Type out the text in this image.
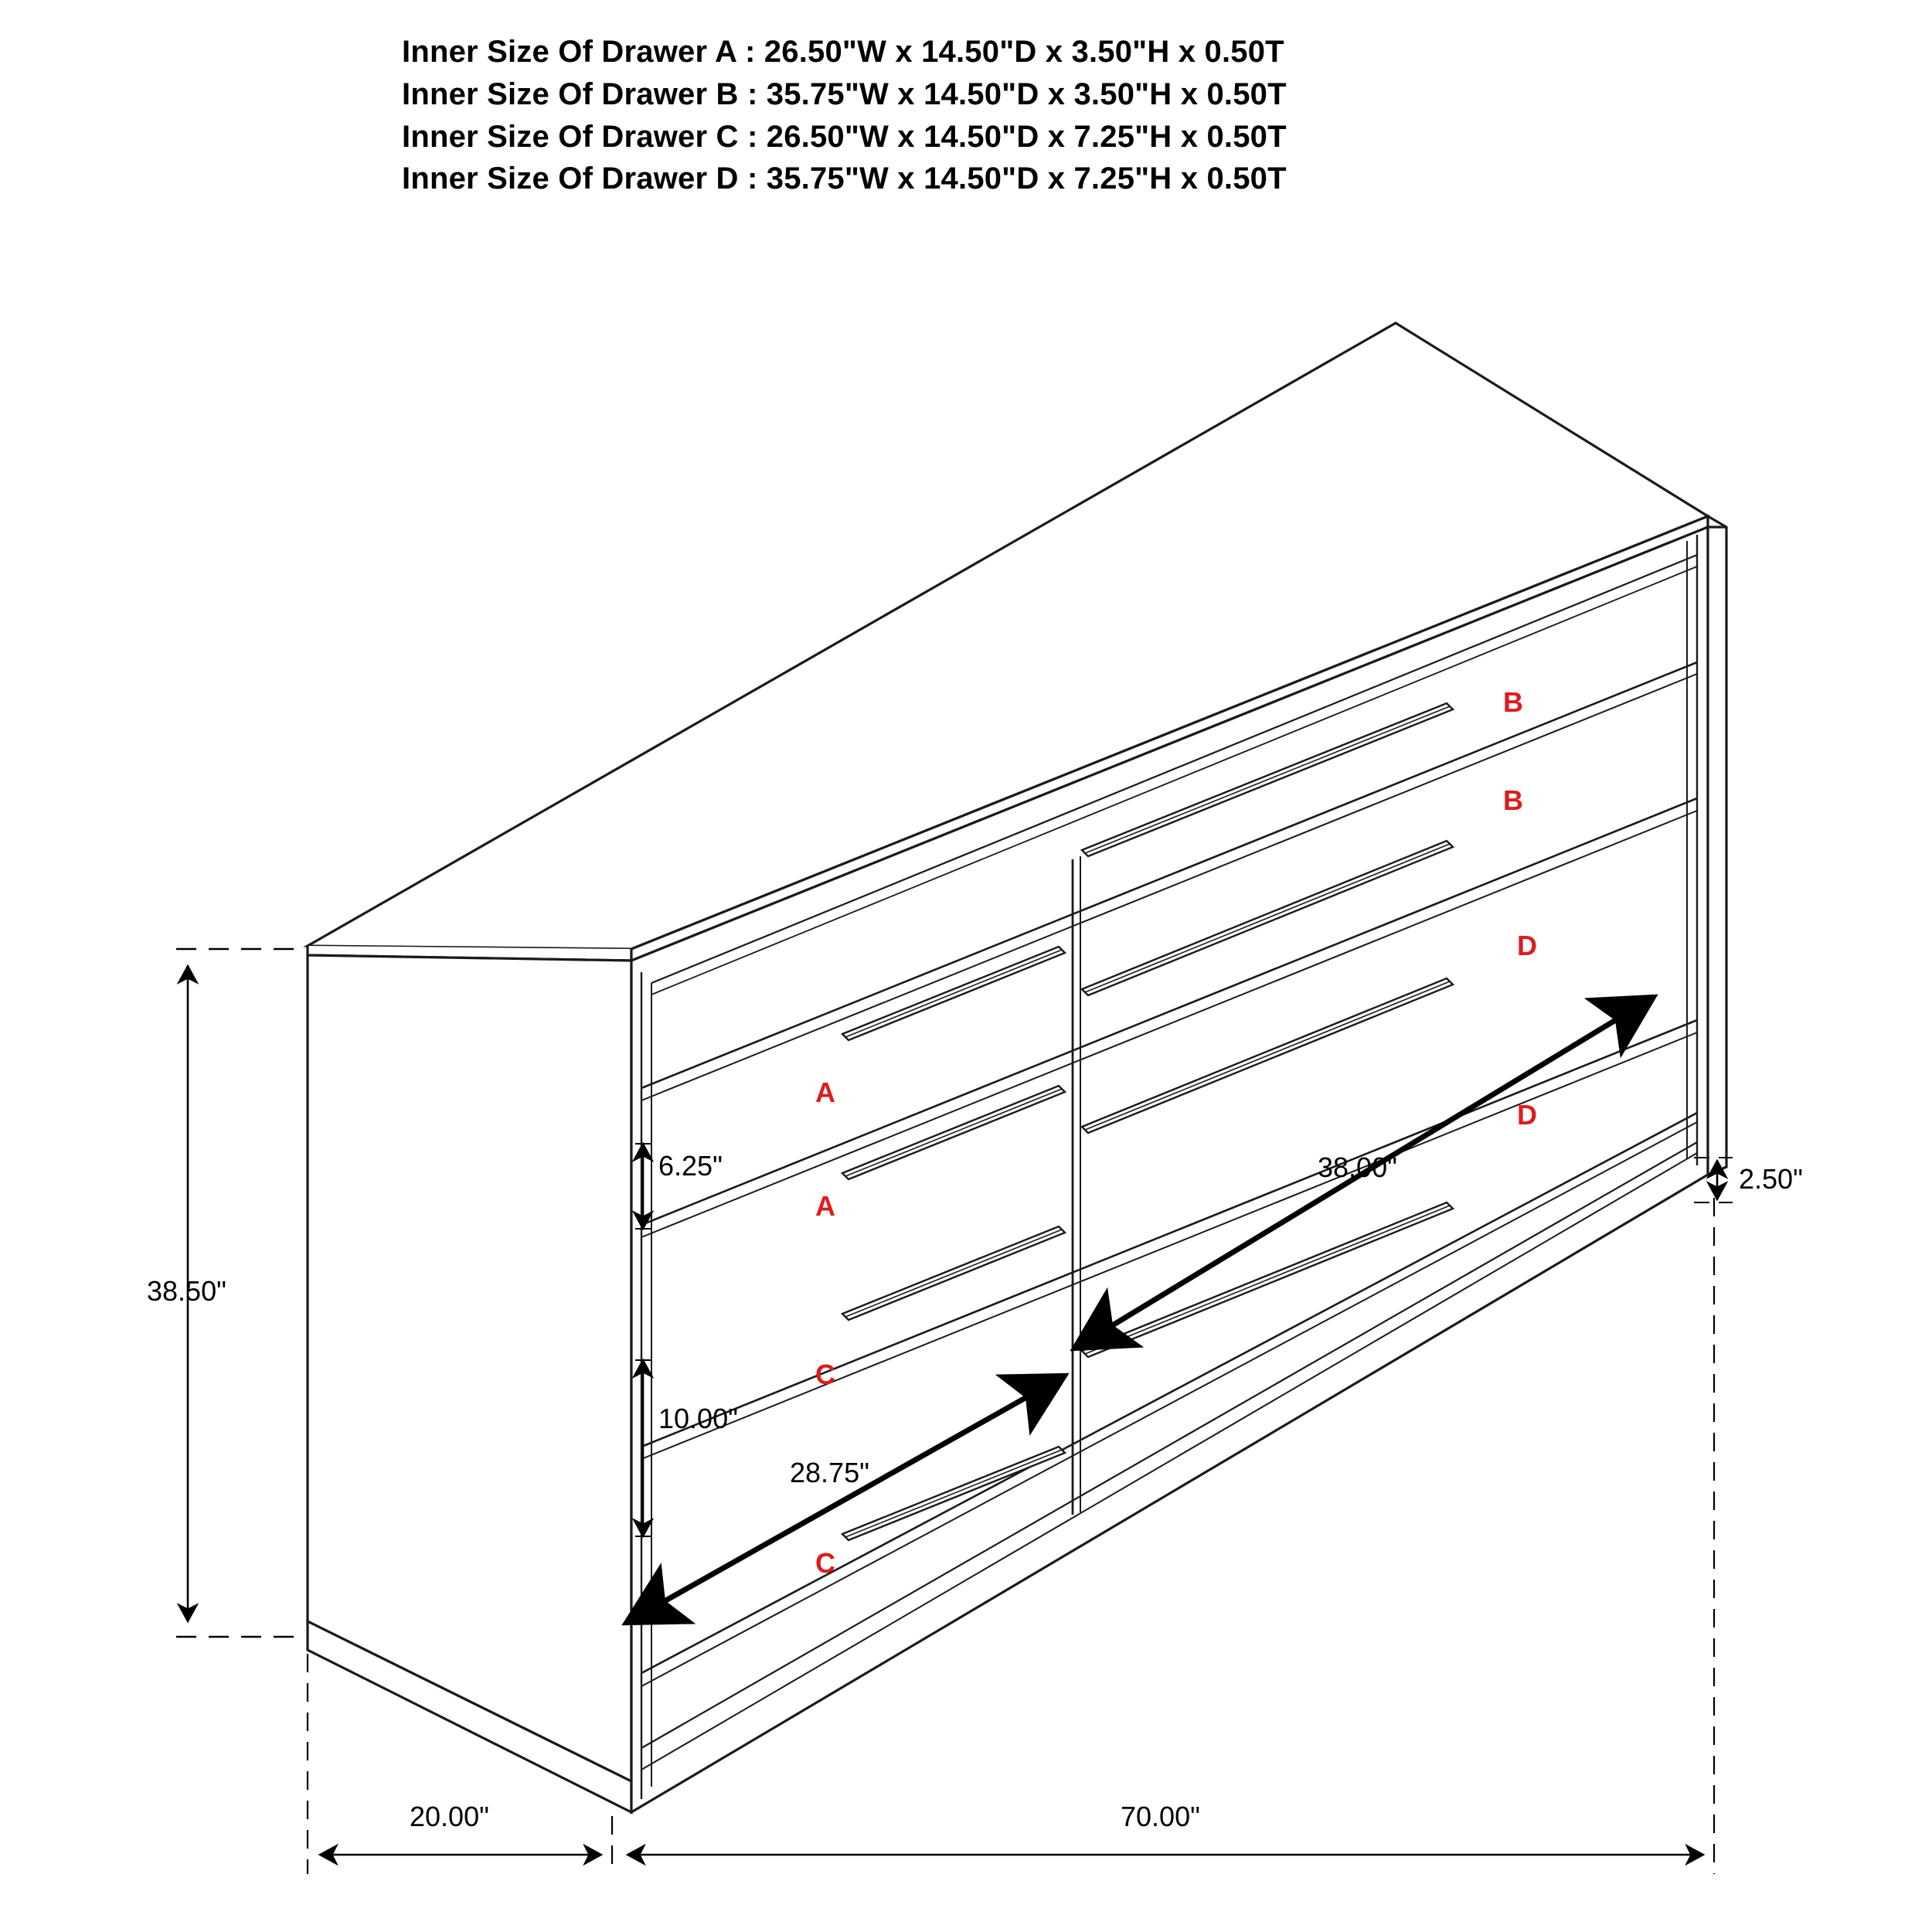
Inner Size Of Drawer A : 26.50"W x 14.50"D x 3.50"H x 0.50T
Inner Size Of Drawer B : 35.75"W x 14.50"D x 3.50"H x 0.50T
Inner Size Of Drawer C : 26.50"W x 14.50"D x 7.25"H x 0.50T
Inner Size Of Drawer D : 35.75"W x 14.50"D x 7.25"H x 0.50T
38.50"
6.25"
10.00"
2.50"
20.00"	70.00"
28.75"
38.00"
B
B
D
D
A
A
C
C
